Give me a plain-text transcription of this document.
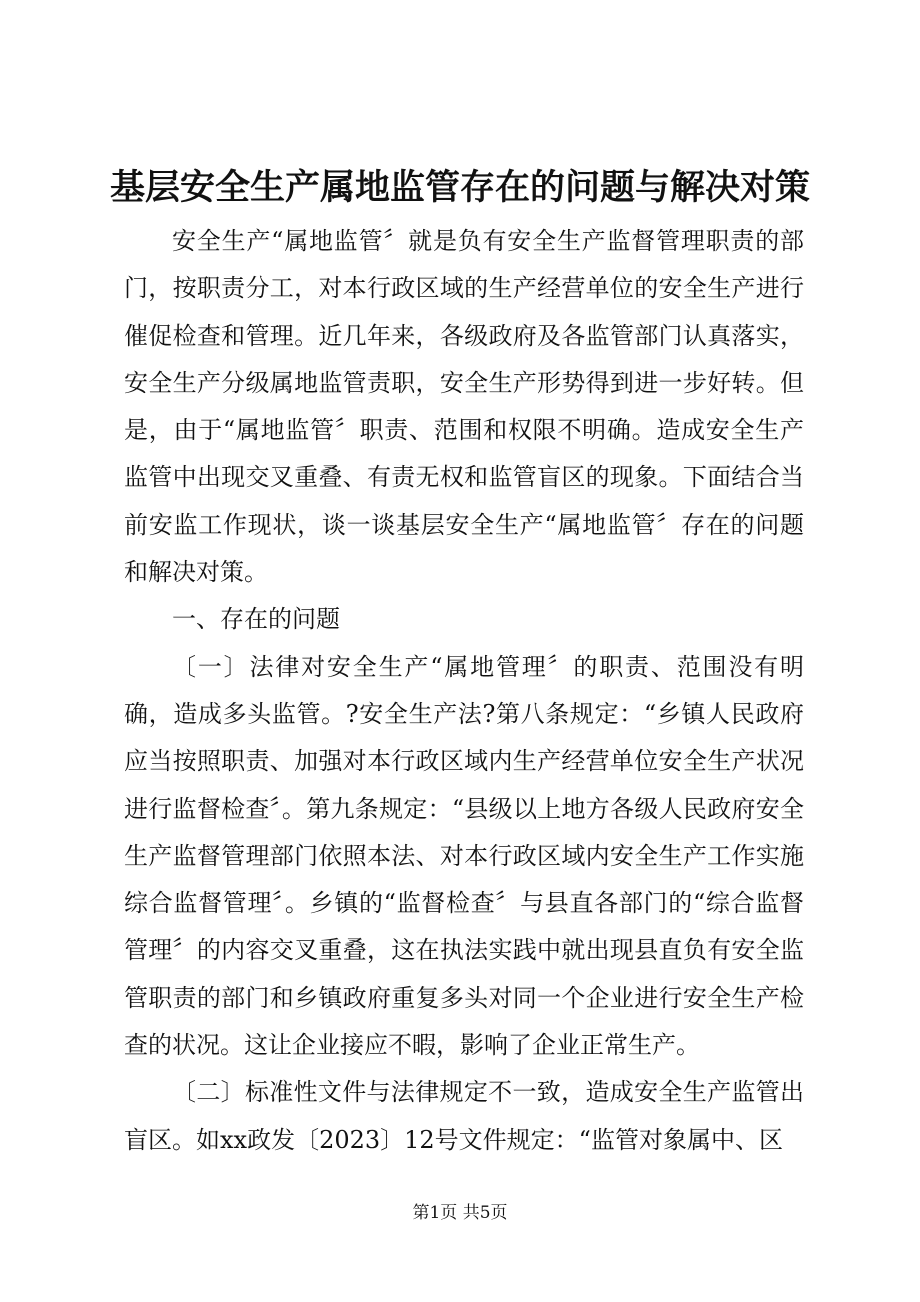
基层安全生产属地监管存在的问题与解决对策

安全生产“属地监管〞就是负有安全生产监督管理职责的部门，按职责分工，对本行政区域的生产经营单位的安全生产进行催促检查和管理。近几年来，各级政府及各监管部门认真落实，安全生产分级属地监管责职，安全生产形势得到进一步好转。但是，由于“属地监管〞职责、范围和权限不明确。造成安全生产监管中出现交叉重叠、有责无权和监管盲区的现象。下面结合当前安监工作现状，谈一谈基层安全生产“属地监管〞存在的问题和解决对策。

一、存在的问题

〔一〕法律对安全生产“属地管理〞的职责、范围没有明确，造成多头监管。?安全生产法?第八条规定：“乡镇人民政府应当按照职责、加强对本行政区域内生产经营单位安全生产状况进行监督检查〞。第九条规定：“县级以上地方各级人民政府安全生产监督管理部门依照本法、对本行政区域内安全生产工作实施综合监督管理〞。乡镇的“监督检查〞与县直各部门的“综合监督管理〞的内容交叉重叠，这在执法实践中就出现县直负有安全监管职责的部门和乡镇政府重复多头对同一个企业进行安全生产检查的状况。这让企业接应不暇，影响了企业正常生产。

〔二〕标准性文件与法律规定不一致，造成安全生产监管出盲区。如xx政发〔2023〕12号文件规定：“监管对象属中、区

第1页 共5页
